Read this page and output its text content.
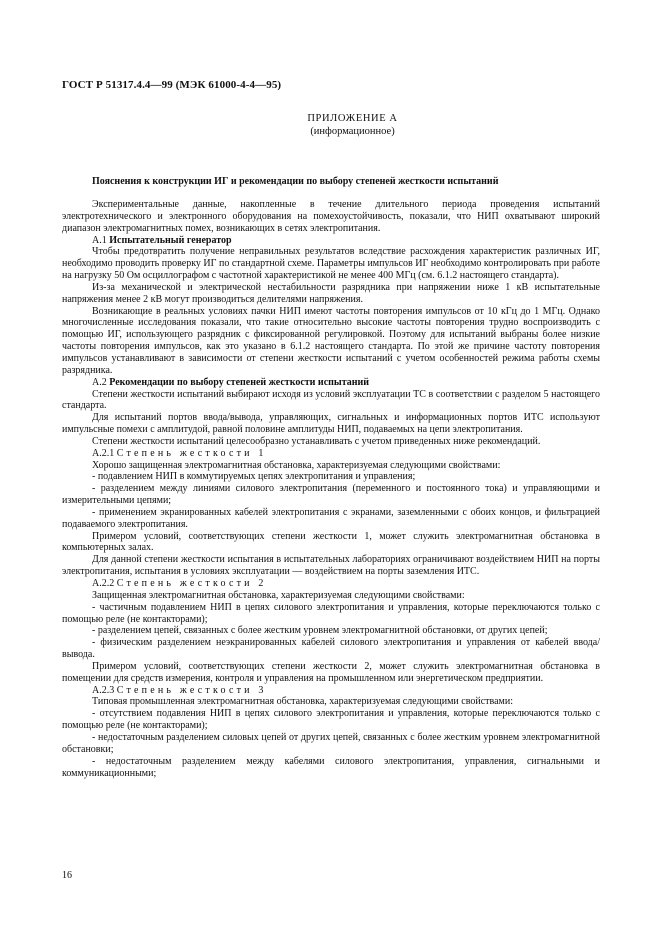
ГОСТ Р 51317.4.4—99 (МЭК 61000-4-4—95)
ПРИЛОЖЕНИЕ А
(информационное)
Пояснения к конструкции ИГ и рекомендации по выбору степеней жесткости испытаний

Экспериментальные данные, накопленные в течение длительного периода проведения испытаний электротехнического и электронного оборудования на помехоустойчивость, показали, что НИП охватывают широкий диапазон электромагнитных помех, возникающих в сетях электропитания.

А.1 Испытательный генератор

Чтобы предотвратить получение неправильных результатов вследствие расхождения характеристик различных ИГ, необходимо проводить проверку ИГ по стандартной схеме. Параметры импульсов ИГ необходимо контролировать при работе на нагрузку 50 Ом осциллографом с частотной характеристикой не менее 400 МГц (см. 6.1.2 настоящего стандарта).

Из-за механической и электрической нестабильности разрядника при напряжении ниже 1 кВ испытательные напряжения менее 2 кВ могут производиться делителями напряжения.

Возникающие в реальных условиях пачки НИП имеют частоты повторения импульсов от 10 кГц до 1 МГц. Однако многочисленные исследования показали, что такие относительно высокие частоты повторения трудно воспроизводить с помощью ИГ, использующего разрядник с фиксированной регулировкой. Поэтому для испытаний выбраны более низкие частоты повторения импульсов, как это указано в 6.1.2 настоящего стандарта. По этой же причине частоту повторения импульсов устанавливают в зависимости от степени жесткости испытаний с учетом особенностей режима работы схемы разрядника.

А.2 Рекомендации по выбору степеней жесткости испытаний

Степени жесткости испытаний выбирают исходя из условий эксплуатации ТС в соответствии с разделом 5 настоящего стандарта.

Для испытаний портов ввода/вывода, управляющих, сигнальных и информационных портов ИТС используют импульсные помехи с амплитудой, равной половине амплитуды НИП, подаваемых на цепи электропитания.

Степени жесткости испытаний целесообразно устанавливать с учетом приведенных ниже рекомендаций.

А.2.1 Степень жесткости 1

Хорошо защищенная электромагнитная обстановка, характеризуемая следующими свойствами:

- подавлением НИП в коммутируемых цепях электропитания и управления;

- разделением между линиями силового электропитания (переменного и постоянного тока) и управляющими и измерительными цепями;

- применением экранированных кабелей электропитания с экранами, заземленными с обоих концов, и фильтрацией подаваемого электропитания.

Примером условий, соответствующих степени жесткости 1, может служить электромагнитная обстановка в компьютерных залах.

Для данной степени жесткости испытания в испытательных лабораториях ограничивают воздействием НИП на порты электропитания, испытания в условиях эксплуатации — воздействием на порты заземления ИТС.

А.2.2 Степень жесткости 2

Защищенная электромагнитная обстановка, характеризуемая следующими свойствами:

- частичным подавлением НИП в цепях силового электропитания и управления, которые переключаются только с помощью реле (не контакторами);

- разделением цепей, связанных с более жестким уровнем электромагнитной обстановки, от других цепей;

- физическим разделением неэкранированных кабелей силового электропитания и управления от кабелей ввода/вывода.

Примером условий, соответствующих степени жесткости 2, может служить электромагнитная обстановка в помещении для средств измерения, контроля и управления на промышленном или энергетическом предприятии.

А.2.3 Степень жесткости 3

Типовая промышленная электромагнитная обстановка, характеризуемая следующими свойствами:

- отсутствием подавления НИП в цепях силового электропитания и управления, которые переключаются только с помощью реле (не контакторами);

- недостаточным разделением силовых цепей от других цепей, связанных с более жестким уровнем электромагнитной обстановки;

- недостаточным разделением между кабелями силового электропитания, управления, сигнальными и коммуникационными;

16
